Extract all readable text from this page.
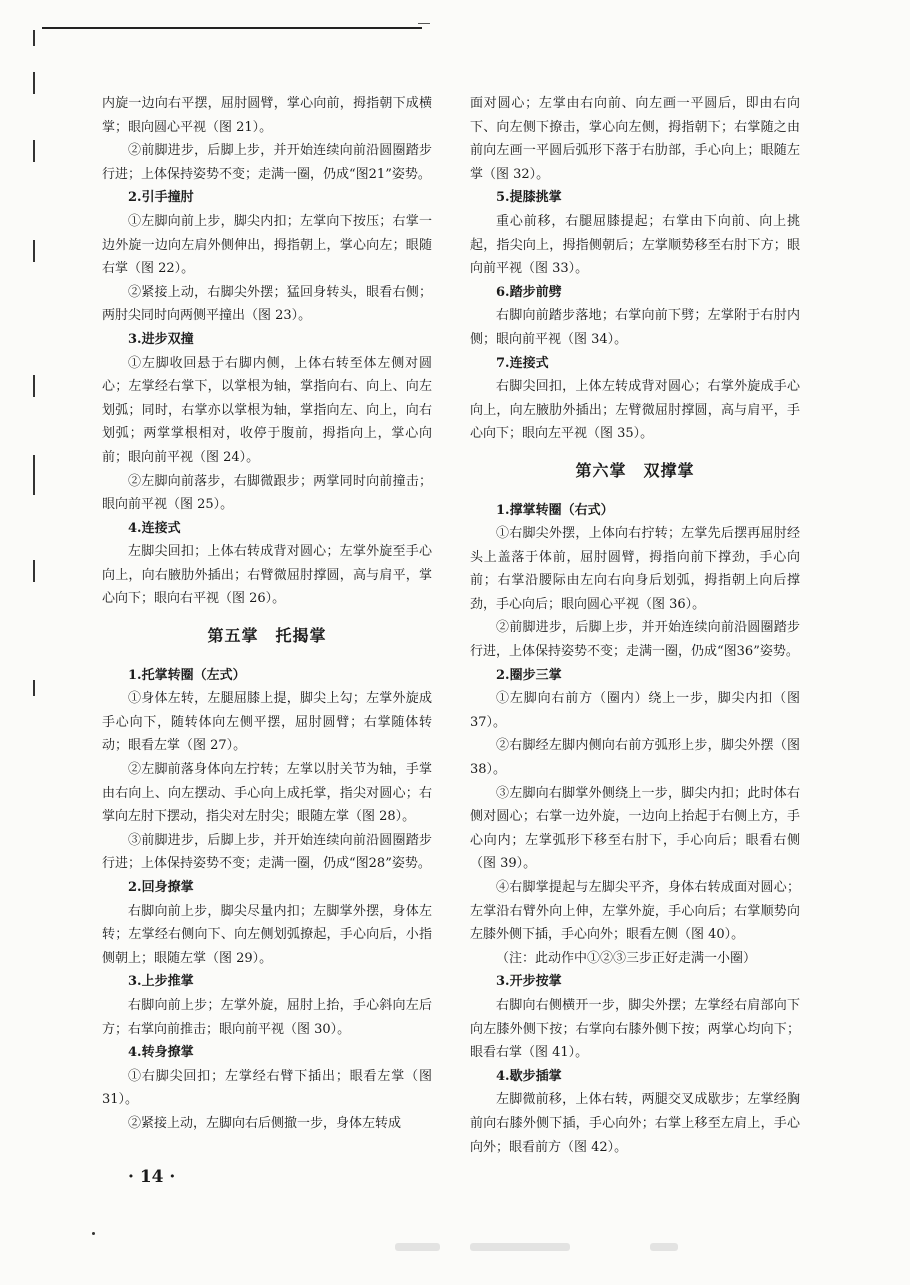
内旋一边向右平摆，屈肘圆臂，掌心向前，拇指朝下成横掌；眼向圆心平视（图 21）。

②前脚进步，后脚上步，并开始连续向前沿圆圈踏步行进；上体保持姿势不变；走满一圈，仍成“图21”姿势。

2.引手撞肘

①左脚向前上步，脚尖内扣；左掌向下按压；右掌一边外旋一边向左肩外侧伸出，拇指朝上，掌心向左；眼随右掌（图 22）。

②紧接上动，右脚尖外摆；猛回身转头，眼看右侧；两肘尖同时向两侧平撞出（图 23）。

3.进步双撞

①左脚收回悬于右脚内侧，上体右转至体左侧对圆心；左掌经右掌下，以掌根为轴，掌指向右、向上、向左划弧；同时，右掌亦以掌根为轴，掌指向左、向上，向右划弧；两掌掌根相对，收停于腹前，拇指向上，掌心向前；眼向前平视（图 24）。

②左脚向前落步，右脚微跟步；两掌同时向前撞击；眼向前平视（图 25）。

4.连接式

左脚尖回扣；上体右转成背对圆心；左掌外旋至手心向上，向右腋肋外插出；右臂微屈肘撑圆，高与肩平，掌心向下；眼向右平视（图 26）。

第五掌　托揭掌

1.托掌转圈（左式）

①身体左转，左腿屈膝上提，脚尖上勾；左掌外旋成手心向下，随转体向左侧平摆，屈肘圆臂；右掌随体转动；眼看左掌（图 27）。

②左脚前落身体向左拧转；左掌以肘关节为轴，手掌由右向上、向左摆动、手心向上成托掌，指尖对圆心；右掌向左肘下摆动，指尖对左肘尖；眼随左掌（图 28）。

③前脚进步，后脚上步，并开始连续向前沿圆圈踏步行进；上体保持姿势不变；走满一圈，仍成“图28”姿势。

2.回身撩掌

右脚向前上步，脚尖尽量内扣；左脚掌外摆，身体左转；左掌经右侧向下、向左侧划弧撩起，手心向后，小指侧朝上；眼随左掌（图 29）。

3.上步推掌

右脚向前上步；左掌外旋，屈肘上抬，手心斜向左后方；右掌向前推击；眼向前平视（图 30）。

4.转身撩掌

①右脚尖回扣；左掌经右臂下插出；眼看左掌（图 31）。

②紧接上动，左脚向右后侧撤一步，身体左转成

面对圆心；左掌由右向前、向左画一平圆后，即由右向下、向左侧下撩击，掌心向左侧，拇指朝下；右掌随之由前向左画一平圆后弧形下落于右肋部，手心向上；眼随左掌（图 32）。

5.提膝挑掌

重心前移，右腿屈膝提起；右掌由下向前、向上挑起，指尖向上，拇指侧朝后；左掌顺势移至右肘下方；眼向前平视（图 33）。

6.踏步前劈

右脚向前踏步落地；右掌向前下劈；左掌附于右肘内侧；眼向前平视（图 34）。

7.连接式

右脚尖回扣，上体左转成背对圆心；右掌外旋成手心向上，向左腋肋外插出；左臂微屈肘撑圆，高与肩平，手心向下；眼向左平视（图 35）。

第六掌　双撑掌

1.撑掌转圈（右式）

①右脚尖外摆，上体向右拧转；左掌先后摆再屈肘经头上盖落于体前，屈肘圆臂，拇指向前下撑劲，手心向前；右掌沿腰际由左向右向身后划弧，拇指朝上向后撑劲，手心向后；眼向圆心平视（图 36）。

②前脚进步，后脚上步，并开始连续向前沿圆圈踏步行进，上体保持姿势不变；走满一圈，仍成“图36”姿势。

2.圈步三掌

①左脚向右前方（圈内）绕上一步，脚尖内扣（图 37）。

②右脚经左脚内侧向右前方弧形上步，脚尖外摆（图 38）。

③左脚向右脚掌外侧绕上一步，脚尖内扣；此时体右侧对圆心；右掌一边外旋，一边向上抬起于右侧上方，手心向内；左掌弧形下移至右肘下，手心向后；眼看右侧（图 39）。

④右脚掌提起与左脚尖平齐，身体右转成面对圆心；左掌沿右臂外向上伸，左掌外旋，手心向后；右掌顺势向左膝外侧下插，手心向外；眼看左侧（图 40）。

（注：此动作中①②③三步正好走满一小圈）

3.开步按掌

右脚向右侧横开一步，脚尖外摆；左掌经右肩部向下向左膝外侧下按；右掌向右膝外侧下按；两掌心均向下；眼看右掌（图 41）。

4.歇步插掌

左脚微前移，上体右转，两腿交叉成歇步；左掌经胸前向右膝外侧下插，手心向外；右掌上移至左肩上，手心向外；眼看前方（图 42）。

· 14 ·
